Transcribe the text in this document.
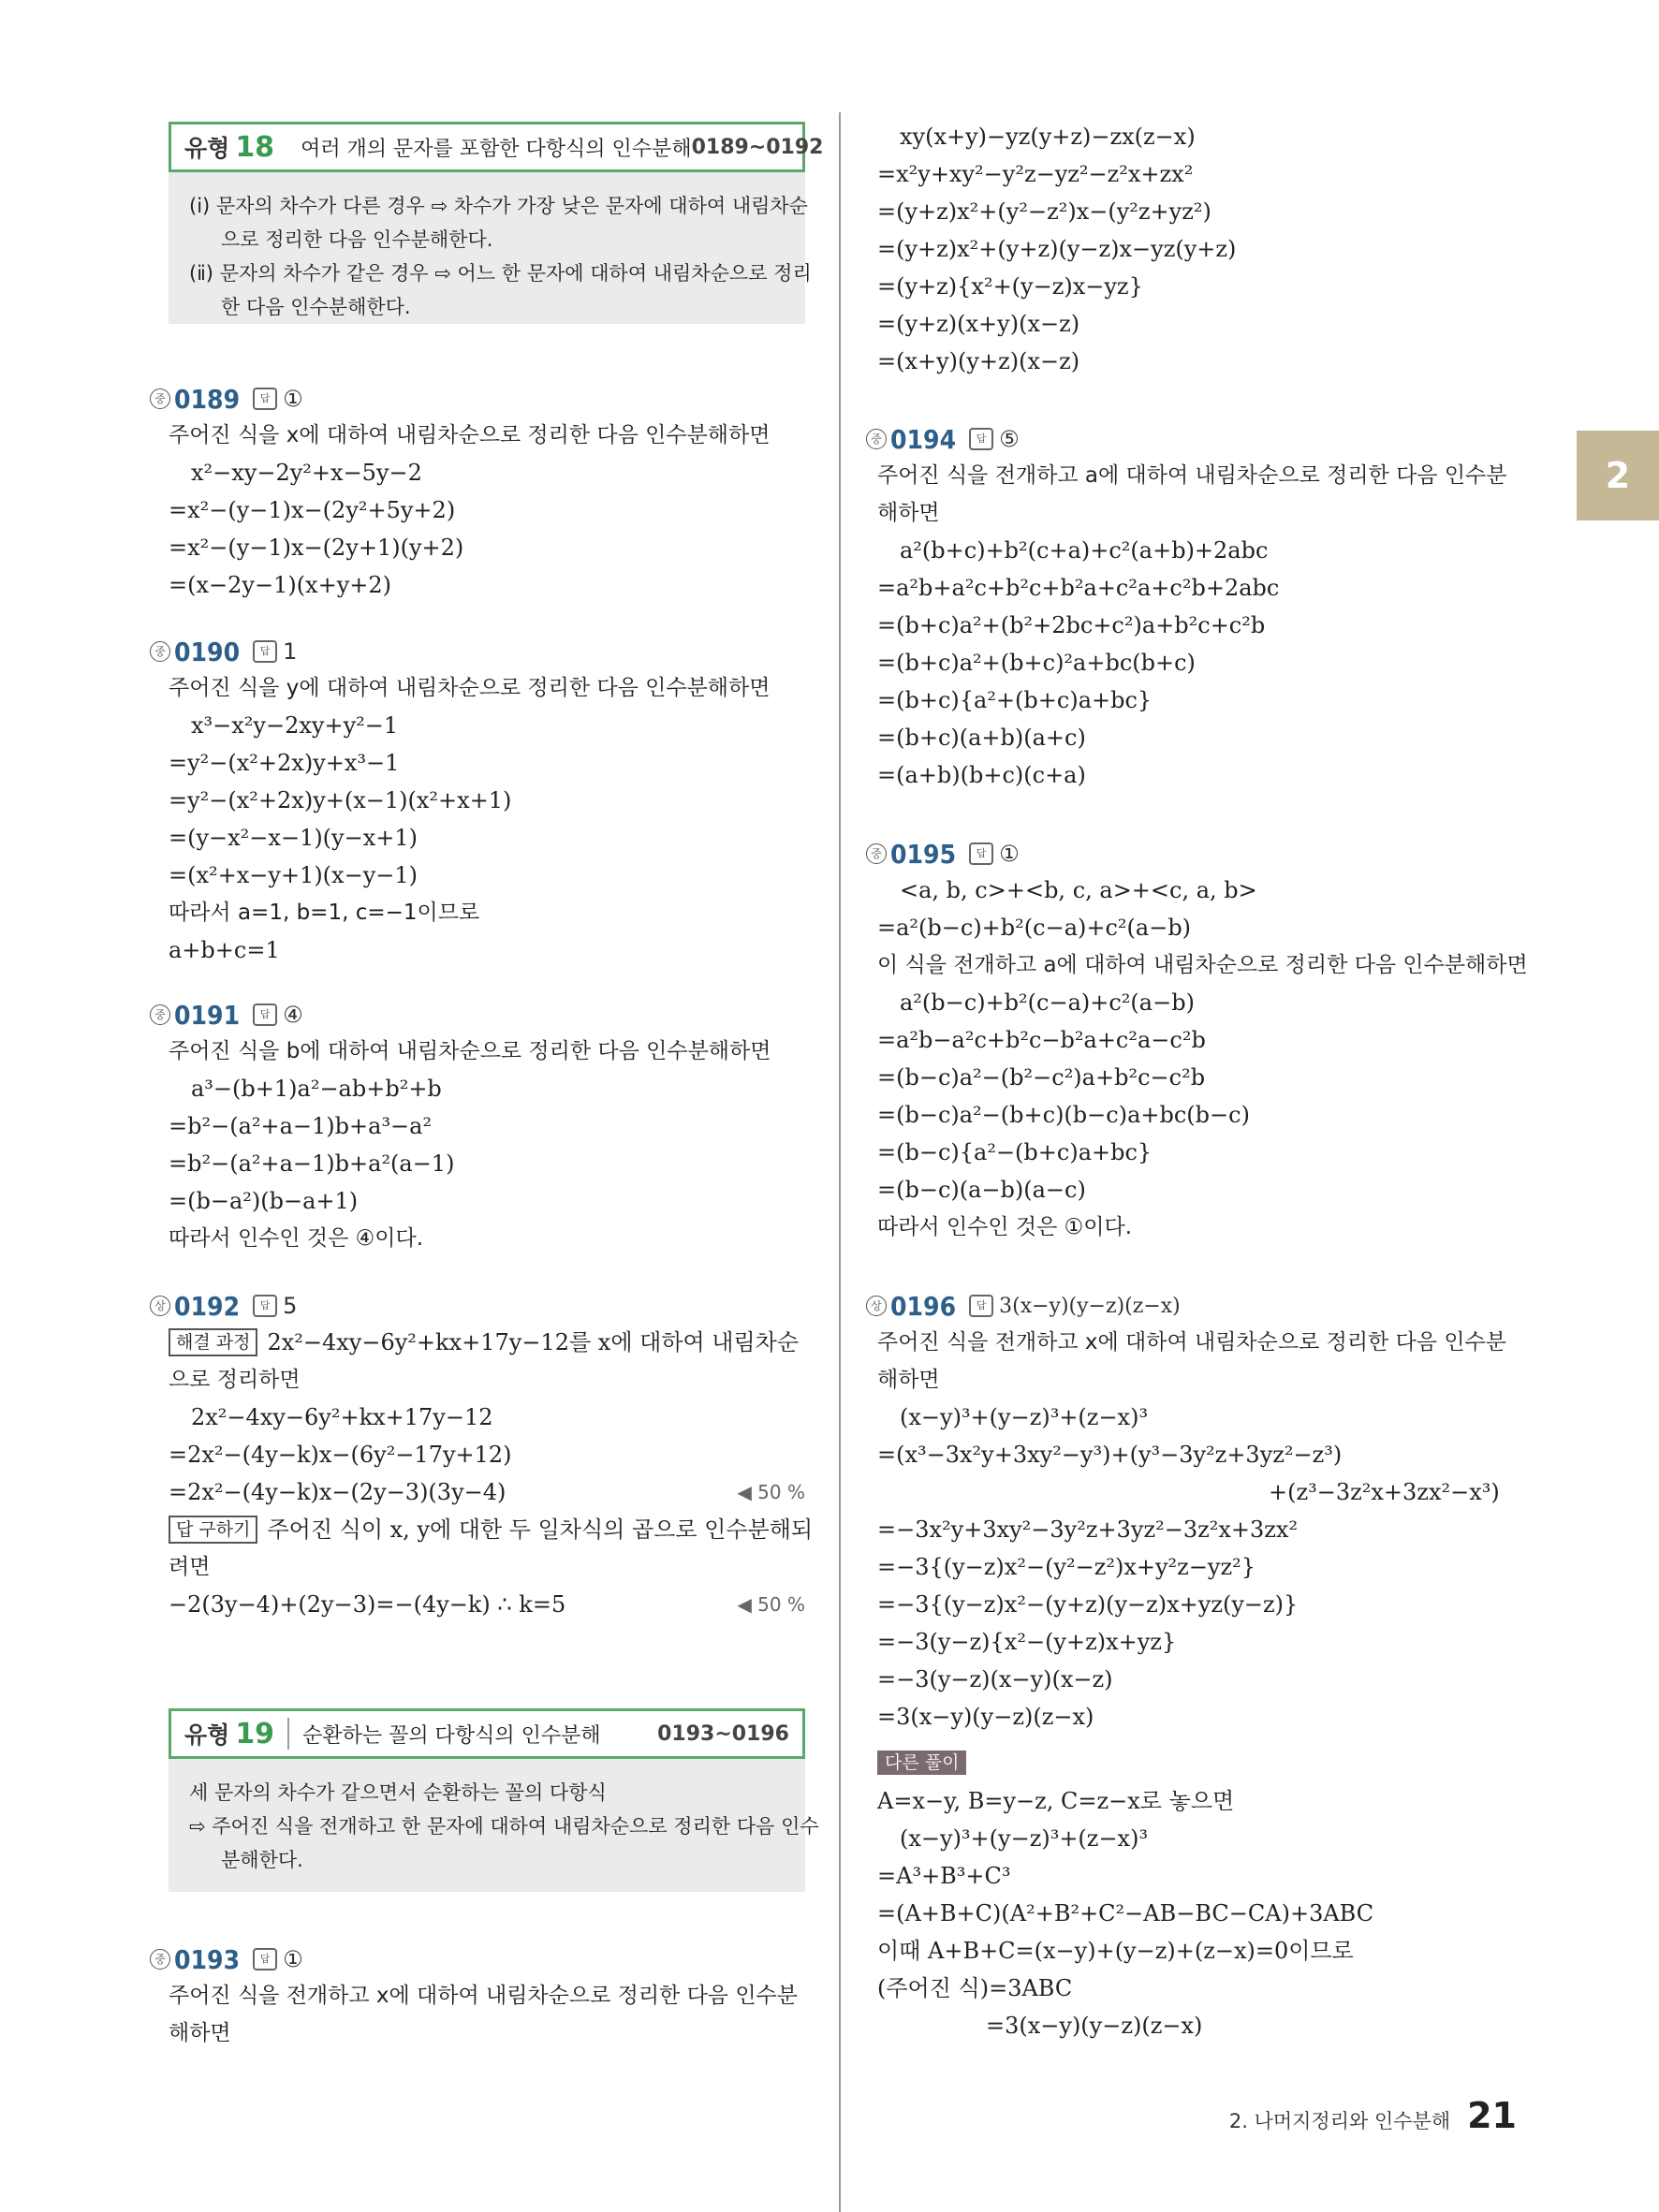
2
유형 18	여러 개의 문자를 포함한 다항식의 인수분해 0189~0192

(ⅰ) 문자의 차수가 다른 경우 ⇨ 차수가 가장 낮은 문자에 대하여 내림차순

으로 정리한 다음 인수분해한다.

(ⅱ) 문자의 차수가 같은 경우 ⇨ 어느 한 문자에 대하여 내림차순으로 정리

한 다음 인수분해한다.

중 0189	답 ①
주어진 식을 x에 대하여 내림차순으로 정리한 다음 인수분해하면
x²−xy−2y²+x−5y−2
=x²−(y−1)x−(2y²+5y+2)
=x²−(y−1)x−(2y+1)(y+2)
=(x−2y−1)(x+y+2)
중 0190	답 1
주어진 식을 y에 대하여 내림차순으로 정리한 다음 인수분해하면
x³−x²y−2xy+y²−1
=y²−(x²+2x)y+x³−1
=y²−(x²+2x)y+(x−1)(x²+x+1)
=(y−x²−x−1)(y−x+1)
=(x²+x−y+1)(x−y−1)
따라서 a=1, b=1, c=−1이므로
a+b+c=1
중 0191	답 ④
주어진 식을 b에 대하여 내림차순으로 정리한 다음 인수분해하면
a³−(b+1)a²−ab+b²+b
=b²−(a²+a−1)b+a³−a²
=b²−(a²+a−1)b+a²(a−1)
=(b−a²)(b−a+1)
따라서 인수인 것은 ④이다.
상 0192	답 5
해결 과정 2x²−4xy−6y²+kx+17y−12를 x에 대하여 내림차순
으로 정리하면
2x²−4xy−6y²+kx+17y−12
=2x²−(4y−k)x−(6y²−17y+12)
=2x²−(4y−k)x−(2y−3)(3y−4)	◀ 50 %
답 구하기 주어진 식이 x, y에 대한 두 일차식의 곱으로 인수분해되
려면
−2(3y−4)+(2y−3)=−(4y−k) ∴ k=5	◀ 50 %
유형 19	순환하는 꼴의 다항식의 인수분해	0193~0196

세 문자의 차수가 같으면서 순환하는 꼴의 다항식

⇨ 주어진 식을 전개하고 한 문자에 대하여 내림차순으로 정리한 다음 인수

분해한다.

중 0193	답 ①
주어진 식을 전개하고 x에 대하여 내림차순으로 정리한 다음 인수분
해하면
xy(x+y)−yz(y+z)−zx(z−x)
=x²y+xy²−y²z−yz²−z²x+zx²
=(y+z)x²+(y²−z²)x−(y²z+yz²)
=(y+z)x²+(y+z)(y−z)x−yz(y+z)
=(y+z){x²+(y−z)x−yz}
=(y+z)(x+y)(x−z)
=(x+y)(y+z)(x−z)
중 0194	답 ⑤
주어진 식을 전개하고 a에 대하여 내림차순으로 정리한 다음 인수분
해하면
a²(b+c)+b²(c+a)+c²(a+b)+2abc
=a²b+a²c+b²c+b²a+c²a+c²b+2abc
=(b+c)a²+(b²+2bc+c²)a+b²c+c²b
=(b+c)a²+(b+c)²a+bc(b+c)
=(b+c){a²+(b+c)a+bc}
=(b+c)(a+b)(a+c)
=(a+b)(b+c)(c+a)
중 0195	답 ①
<a, b, c>+<b, c, a>+<c, a, b>
=a²(b−c)+b²(c−a)+c²(a−b)
이 식을 전개하고 a에 대하여 내림차순으로 정리한 다음 인수분해하면
a²(b−c)+b²(c−a)+c²(a−b)
=a²b−a²c+b²c−b²a+c²a−c²b
=(b−c)a²−(b²−c²)a+b²c−c²b
=(b−c)a²−(b+c)(b−c)a+bc(b−c)
=(b−c){a²−(b+c)a+bc}
=(b−c)(a−b)(a−c)
따라서 인수인 것은 ①이다.
상 0196	답 3(x−y)(y−z)(z−x)
주어진 식을 전개하고 x에 대하여 내림차순으로 정리한 다음 인수분
해하면
(x−y)³+(y−z)³+(z−x)³
=(x³−3x²y+3xy²−y³)+(y³−3y²z+3yz²−z³)
+(z³−3z²x+3zx²−x³)
=−3x²y+3xy²−3y²z+3yz²−3z²x+3zx²
=−3{(y−z)x²−(y²−z²)x+y²z−yz²}
=−3{(y−z)x²−(y+z)(y−z)x+yz(y−z)}
=−3(y−z){x²−(y+z)x+yz}
=−3(y−z)(x−y)(x−z)
=3(x−y)(y−z)(z−x)
다른 풀이
A=x−y, B=y−z, C=z−x로 놓으면
(x−y)³+(y−z)³+(z−x)³
=A³+B³+C³
=(A+B+C)(A²+B²+C²−AB−BC−CA)+3ABC
이때 A+B+C=(x−y)+(y−z)+(z−x)=0이므로
(주어진 식)=3ABC
=3(x−y)(y−z)(z−x)
2. 나머지정리와 인수분해 21
